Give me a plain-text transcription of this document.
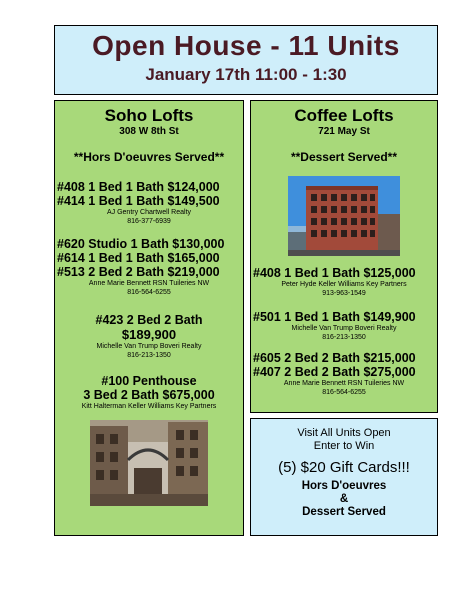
Open House - 11 Units
January 17th 11:00 - 1:30
Soho Lofts
308 W 8th St
**Hors D'oeuvres Served**
#408 1 Bed 1 Bath $124,000
#414 1 Bed 1 Bath $149,500
AJ Gentry Chartwell Realty
816-377-6939
#620 Studio 1 Bath $130,000
#614 1 Bed 1 Bath $165,000
#513 2 Bed 2 Bath $219,000
Anne Marie Bennett RSN Tuileries NW
816-564-6255
#423 2 Bed 2 Bath
$189,900
Michelle Van Trump Boveri Realty
816-213-1350
#100 Penthouse
3 Bed 2 Bath $675,000
Kitt Halterman Keller Williams Key Partners
Coffee Lofts
721 May St
**Dessert Served**
#408 1 Bed 1 Bath $125,000
Peter Hyde Keller Williams Key Partners
913-963-1549
#501 1 Bed 1 Bath $149,900
Michelle Van Trump Boveri Realty
816-213-1350
#605 2 Bed 2 Bath $215,000
#407 2 Bed 2 Bath $275,000
Anne Marie Bennett RSN Tuileries NW
816-564-6255
Visit All Units Open
Enter to Win
(5) $20 Gift Cards!!!
Hors D'oeuvres
&
Dessert Served
